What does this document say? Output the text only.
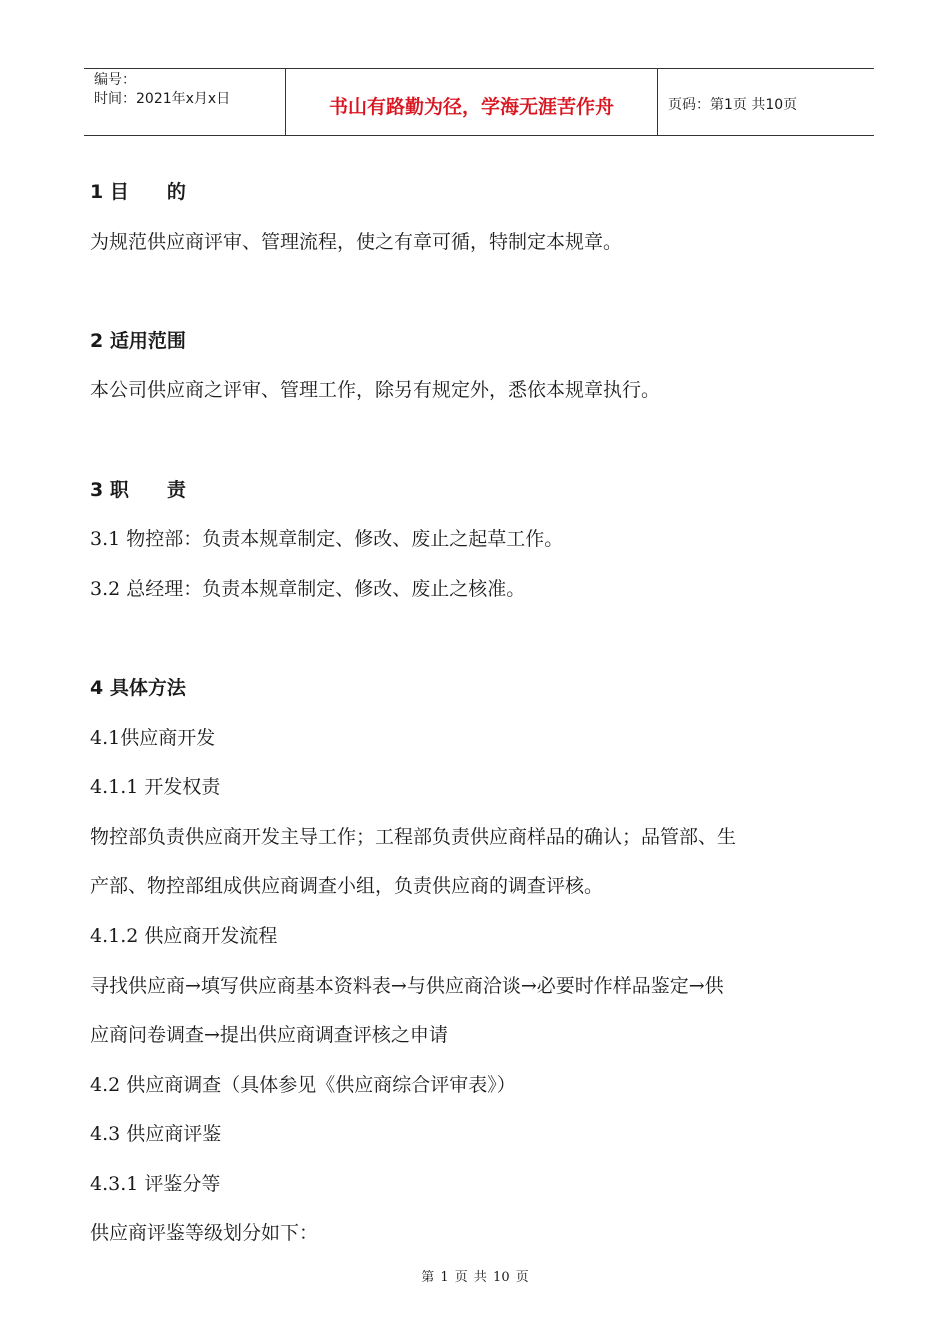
编号：
时间：2021年x月x日	书山有路勤为径，学海无涯苦作舟	页码：第1页 共10页
1 目　　的
为规范供应商评审、管理流程，使之有章可循，特制定本规章。
2 适用范围
本公司供应商之评审、管理工作，除另有规定外，悉依本规章执行。
3 职　　责
3.1 物控部：负责本规章制定、修改、废止之起草工作。
3.2 总经理：负责本规章制定、修改、废止之核准。
4 具体方法
4.1供应商开发
4.1.1 开发权责
物控部负责供应商开发主导工作；工程部负责供应商样品的确认；品管部、生
产部、物控部组成供应商调查小组，负责供应商的调查评核。
4.1.2 供应商开发流程
寻找供应商→填写供应商基本资料表→与供应商洽谈→必要时作样品鉴定→供
应商问卷调查→提出供应商调查评核之申请
4.2 供应商调查（具体参见《供应商综合评审表》）
4.3 供应商评鉴
4.3.1 评鉴分等
供应商评鉴等级划分如下：
第 1 页 共 10 页
